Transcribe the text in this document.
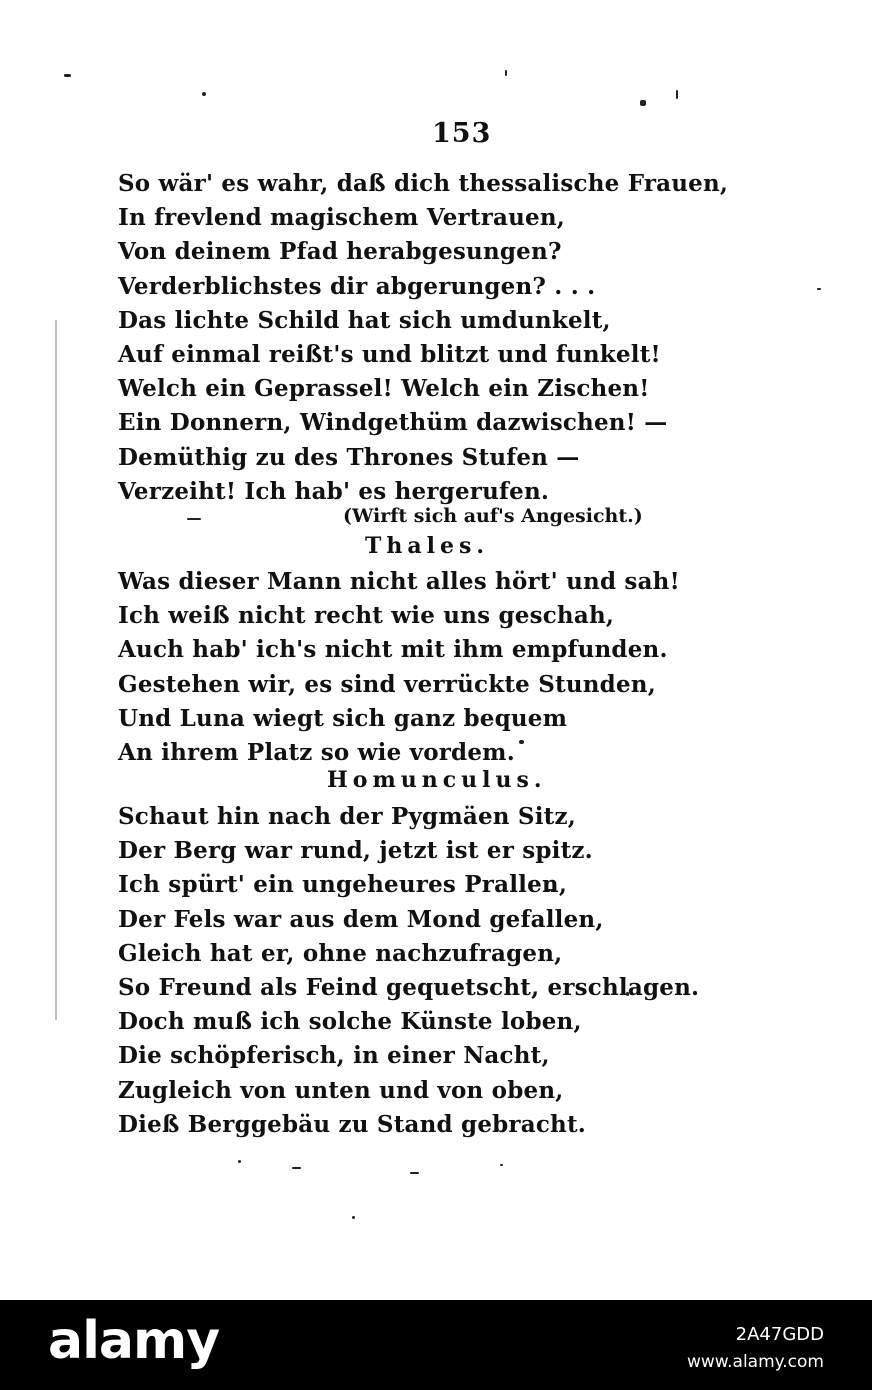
153
So wär' es wahr, daß dich thessalische Frauen,
In frevlend magischem Vertrauen,
Von deinem Pfad herabgesungen?
Verderblichstes dir abgerungen? . . .
Das lichte Schild hat sich umdunkelt,
Auf einmal reißt's und blitzt und funkelt!
Welch ein Geprassel! Welch ein Zischen!
Ein Donnern, Windgethüm dazwischen! —
Demüthig zu des Thrones Stufen —
Verzeiht! Ich hab' es hergerufen.
(Wirft sich auf's Angesicht.)
Thales.
Was dieser Mann nicht alles hört' und sah!
Ich weiß nicht recht wie uns geschah,
Auch hab' ich's nicht mit ihm empfunden.
Gestehen wir, es sind verrückte Stunden,
Und Luna wiegt sich ganz bequem
An ihrem Platz so wie vordem.
Homunculus.
Schaut hin nach der Pygmäen Sitz,
Der Berg war rund, jetzt ist er spitz.
Ich spürt' ein ungeheures Prallen,
Der Fels war aus dem Mond gefallen,
Gleich hat er, ohne nachzufragen,
So Freund als Feind gequetscht, erschlagen.
Doch muß ich solche Künste loben,
Die schöpferisch, in einer Nacht,
Zugleich von unten und von oben,
Dieß Berggebäu zu Stand gebracht.
alamy	2A47GDD
www.alamy.com
